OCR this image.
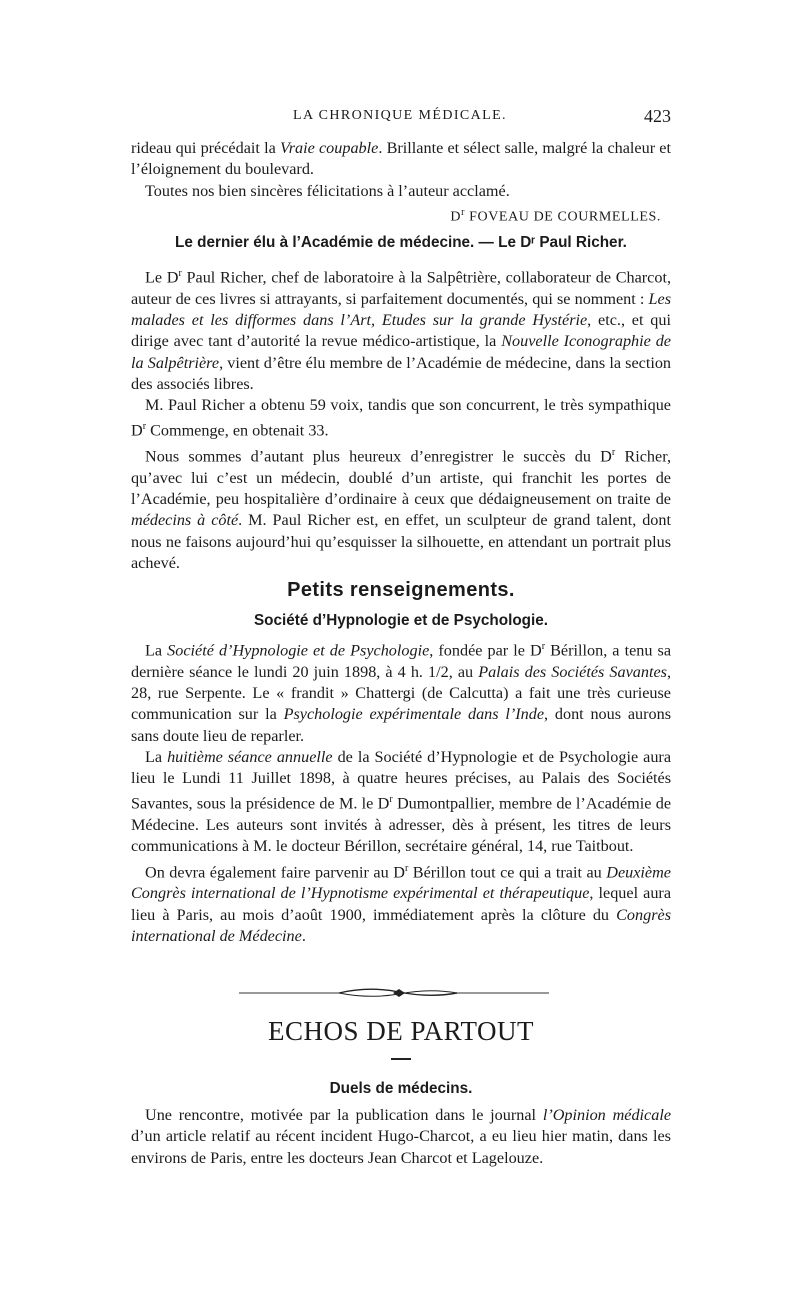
LA CHRONIQUE MÉDICALE.	423

rideau qui précédait la Vraie coupable. Brillante et sélect salle, malgré la chaleur et l’éloignement du boulevard.

Toutes nos bien sincères félicitations à l’auteur acclamé.

$D^r$ FOVEAU DE COURMELLES.

Le dernier élu à l’Académie de médecine. — Le Dʳ Paul Richer.

Le $D^r$ Paul Richer, chef de laboratoire à la Salpêtrière, collaborateur de Charcot, auteur de ces livres si attrayants, si parfaitement documentés, qui se nomment : Les malades et les difformes dans l’Art, Etudes sur la grande Hystérie, etc., et qui dirige avec tant d’autorité la revue médico-artistique, la Nouvelle Iconographie de la Salpêtrière, vient d’être élu membre de l’Académie de médecine, dans la section des associés libres.

M. Paul Richer a obtenu 59 voix, tandis que son concurrent, le très sympathique $D^r$ Commenge, en obtenait 33.

Nous sommes d’autant plus heureux d’enregistrer le succès du $D^r$ Richer, qu’avec lui c’est un médecin, doublé d’un artiste, qui franchit les portes de l’Académie, peu hospitalière d’ordinaire à ceux que dédaigneusement on traite de médecins à côté. M. Paul Richer est, en effet, un sculpteur de grand talent, dont nous ne faisons aujourd’hui qu’esquisser la silhouette, en attendant un portrait plus achevé.

Petits renseignements.

Société d’Hypnologie et de Psychologie.

La Société d’Hypnologie et de Psychologie, fondée par le $D^r$ Bérillon, a tenu sa dernière séance le lundi 20 juin 1898, à 4 h. 1/2, au Palais des Sociétés Savantes, 28, rue Serpente. Le « frandit » Chattergi (de Calcutta) a fait une très curieuse communication sur la Psychologie expérimentale dans l’Inde, dont nous aurons sans doute lieu de reparler.

La huitième séance annuelle de la Société d’Hypnologie et de Psychologie aura lieu le Lundi 11 Juillet 1898, à quatre heures précises, au Palais des Sociétés Savantes, sous la présidence de M. le $D^r$ Dumontpallier, membre de l’Académie de Médecine. Les auteurs sont invités à adresser, dès à présent, les titres de leurs communications à M. le docteur Bérillon, secrétaire général, 14, rue Taitbout.

On devra également faire parvenir au $D^r$ Bérillon tout ce qui a trait au Deuxième Congrès international de l’Hypnotisme expérimental et thérapeutique, lequel aura lieu à Paris, au mois d’août 1900, immédiatement après la clôture du Congrès international de Médecine.

ECHOS DE PARTOUT

Duels de médecins.

Une rencontre, motivée par la publication dans le journal l’Opinion médicale d’un article relatif au récent incident Hugo-Charcot, a eu lieu hier matin, dans les environs de Paris, entre les docteurs Jean Charcot et Lagelouze.
